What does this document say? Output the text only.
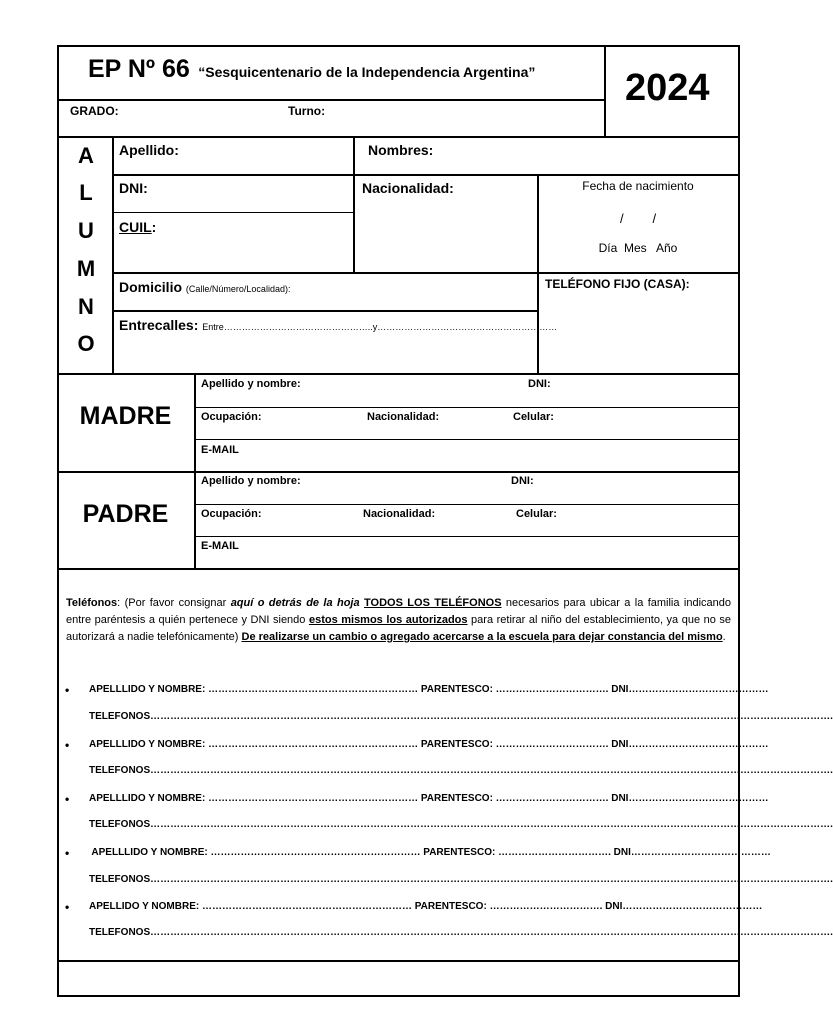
EP Nº 66 “Sesquicentenario de la Independencia Argentina” 2024
GRADO:	Turno:
A
L
U
M
N
O
Apellido:	Nombres:
DNI:	Nacionalidad:	Fecha de nacimiento
/        /
Día  Mes   Año
CUIL:
Domicilio (Calle/Número/Localidad):	TELÉFONO FIJO (CASA):
Entrecalles: Entre…………………………………………..y……………………………………………………
MADRE
Apellido y nombre:	DNI:
Ocupación:	Nacionalidad:	Celular:
E-MAIL
PADRE
Apellido y nombre:	DNI:
Ocupación:	Nacionalidad:	Celular:
E-MAIL
Teléfonos: (Por favor consignar aquí o detrás de la hoja TODOS LOS TELÉFONOS necesarios para ubicar a la familia indicando entre paréntesis a quién pertenece y DNI siendo estos mismos los autorizados para retirar al niño del establecimiento, ya que no se autorizará a nadie telefónicamente) De realizarse un cambio o agregado acercarse a la escuela para dejar constancia del mismo.
• APELLLIDO Y NOMBRE: ……………………………………………………… PARENTESCO: ……………………………. DNI……………………………………
TELEFONOS…………………………………………………………………………………………………………………………………………………………………………………….
• APELLLIDO Y NOMBRE: ……………………………………………………… PARENTESCO: ……………………………. DNI……………………………………
TELEFONOS…………………………………………………………………………………………………………………………………………………………………………………….
• APELLLIDO Y NOMBRE: ……………………………………………………… PARENTESCO: ……………………………. DNI……………………………………
TELEFONOS…………………………………………………………………………………………………………………………………………………………………………………….
• APELLLIDO Y NOMBRE: ……………………………………………………… PARENTESCO: ……………………………. DNI……………………………………
TELEFONOS…………………………………………………………………………………………………………………………………………………………………………………….
• APELLIDO Y NOMBRE: ……………………………………………………… PARENTESCO: ……………………………. DNI……………………………………
TELEFONOS…………………………………………………………………………………………………………………………………………………………………………………….
